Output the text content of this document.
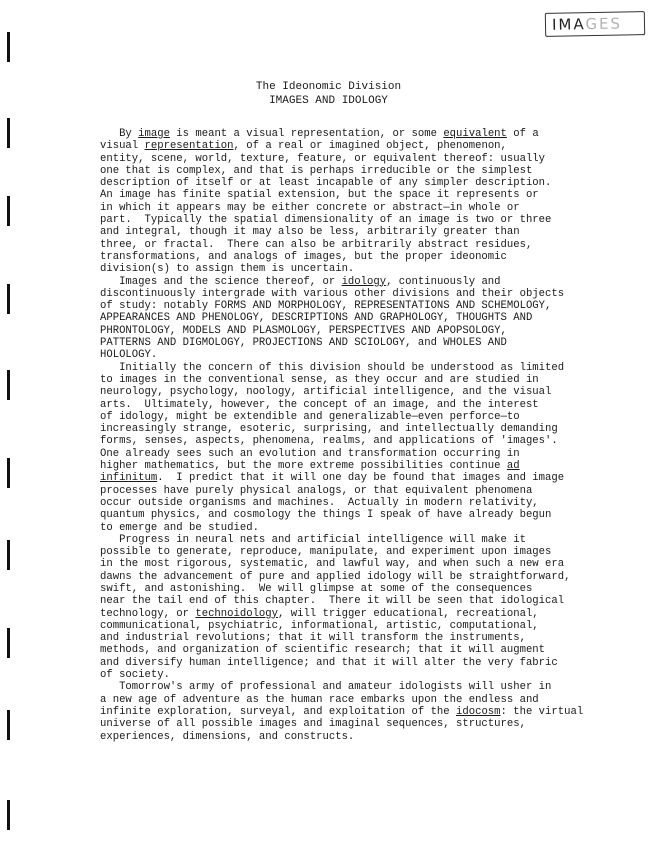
IMAGES
The Ideonomic Division
IMAGES AND IDOLOGY
By image is meant a visual representation, or some equivalent of a
visual representation, of a real or imagined object, phenomenon,
entity, scene, world, texture, feature, or equivalent thereof: usually
one that is complex, and that is perhaps irreducible or the simplest
description of itself or at least incapable of any simpler description.
An image has finite spatial extension, but the space it represents or
in which it appears may be either concrete or abstract—in whole or
part.  Typically the spatial dimensionality of an image is two or three
and integral, though it may also be less, arbitrarily greater than
three, or fractal.  There can also be arbitrarily abstract residues,
transformations, and analogs of images, but the proper ideonomic
division(s) to assign them is uncertain.
Images and the science thereof, or idology, continuously and
discontinuously intergrade with various other divisions and their objects
of study: notably FORMS AND MORPHOLOGY, REPRESENTATIONS AND SCHEMOLOGY,
APPEARANCES AND PHENOLOGY, DESCRIPTIONS AND GRAPHOLOGY, THOUGHTS AND
PHRONTOLOGY, MODELS AND PLASMOLOGY, PERSPECTIVES AND APOPSOLOGY,
PATTERNS AND DIGMOLOGY, PROJECTIONS AND SCIOLOGY, and WHOLES AND
HOLOLOGY.
Initially the concern of this division should be understood as limited
to images in the conventional sense, as they occur and are studied in
neurology, psychology, noology, artificial intelligence, and the visual
arts.  Ultimately, however, the concept of an image, and the interest
of idology, might be extendible and generalizable—even perforce—to
increasingly strange, esoteric, surprising, and intellectually demanding
forms, senses, aspects, phenomena, realms, and applications of 'images'.
One already sees such an evolution and transformation occurring in
higher mathematics, but the more extreme possibilities continue ad
infinitum.  I predict that it will one day be found that images and image
processes have purely physical analogs, or that equivalent phenomena
occur outside organisms and machines.  Actually in modern relativity,
quantum physics, and cosmology the things I speak of have already begun
to emerge and be studied.
Progress in neural nets and artificial intelligence will make it
possible to generate, reproduce, manipulate, and experiment upon images
in the most rigorous, systematic, and lawful way, and when such a new era
dawns the advancement of pure and applied idology will be straightforward,
swift, and astonishing.  We will glimpse at some of the consequences
near the tail end of this chapter.  There it will be seen that idological
technology, or technoidology, will trigger educational, recreational,
communicational, psychiatric, informational, artistic, computational,
and industrial revolutions; that it will transform the instruments,
methods, and organization of scientific research; that it will augment
and diversify human intelligence; and that it will alter the very fabric
of society.
Tomorrow's army of professional and amateur idologists will usher in
a new age of adventure as the human race embarks upon the endless and
infinite exploration, surveyal, and exploitation of the idocosm: the virtual
universe of all possible images and imaginal sequences, structures,
experiences, dimensions, and constructs.
